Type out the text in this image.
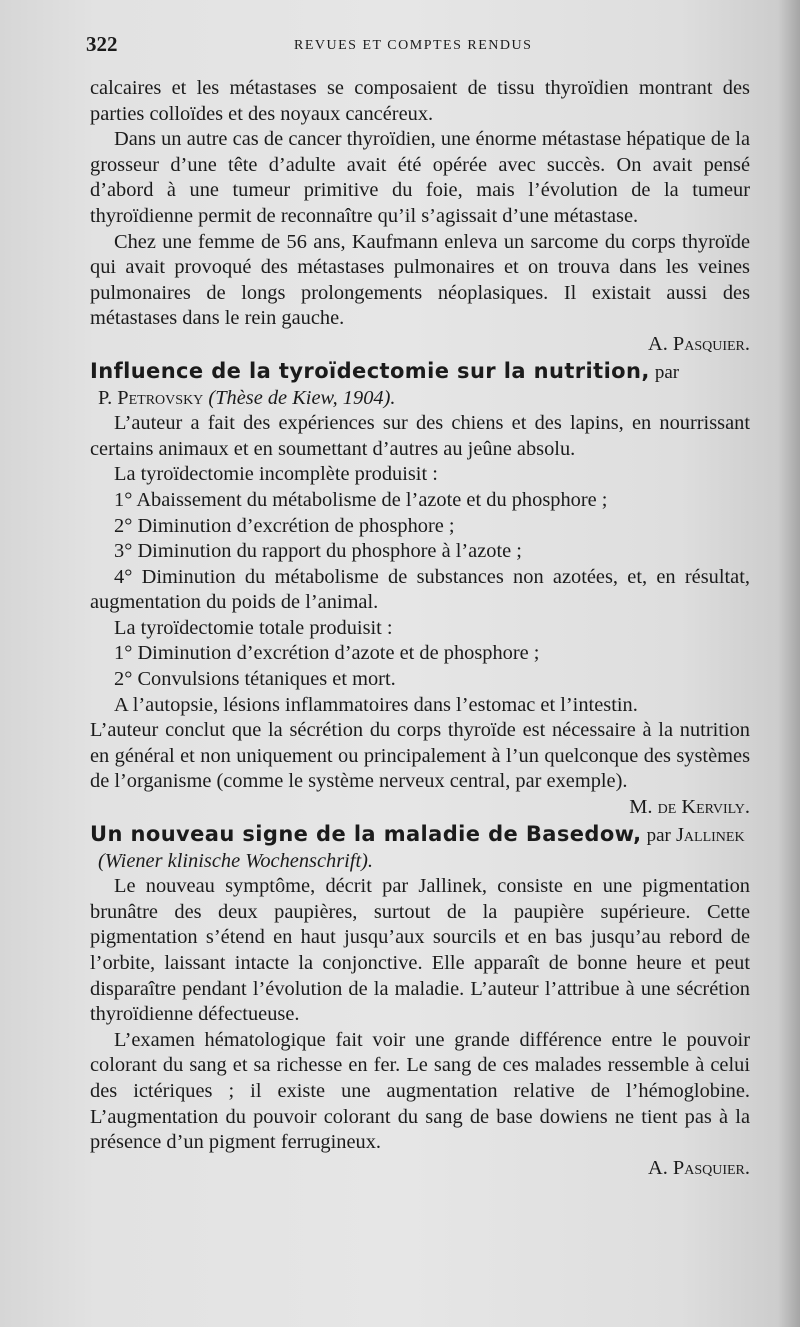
322	REVUES ET COMPTES RENDUS

calcaires et les métastases se composaient de tissu thyroïdien montrant des parties colloïdes et des noyaux cancéreux.

Dans un autre cas de cancer thyroïdien, une énorme métastase hépatique de la grosseur d’une tête d’adulte avait été opérée avec succès. On avait pensé d’abord à une tumeur primitive du foie, mais l’évolution de la tumeur thyroïdienne permit de reconnaître qu’il s’agissait d’une métastase.

Chez une femme de 56 ans, Kaufmann enleva un sarcome du corps thyroïde qui avait provoqué des métastases pulmonaires et on trouva dans les veines pulmonaires de longs prolongements néoplasiques. Il existait aussi des métastases dans le rein gauche.

A. Pasquier.

Influence de la tyroïdectomie sur la nutrition, par

P. Petrovsky (Thèse de Kiew, 1904).

L’auteur a fait des expériences sur des chiens et des lapins, en nourrissant certains animaux et en soumettant d’autres au jeûne absolu.

La tyroïdectomie incomplète produisit :

1° Abaissement du métabolisme de l’azote et du phosphore ;

2° Diminution d’excrétion de phosphore ;

3° Diminution du rapport du phosphore à l’azote ;

4° Diminution du métabolisme de substances non azotées, et, en résultat, augmentation du poids de l’animal.

La tyroïdectomie totale produisit :

1° Diminution d’excrétion d’azote et de phosphore ;

2° Convulsions tétaniques et mort.

A l’autopsie, lésions inflammatoires dans l’estomac et l’intestin.

L’auteur conclut que la sécrétion du corps thyroïde est nécessaire à la nutrition en général et non uniquement ou principalement à l’un quelconque des systèmes de l’organisme (comme le système nerveux central, par exemple).

M. de Kervily.

Un nouveau signe de la maladie de Basedow, par Jallinek

(Wiener klinische Wochenschrift).

Le nouveau symptôme, décrit par Jallinek, consiste en une pigmentation brunâtre des deux paupières, surtout de la paupière supérieure. Cette pigmentation s’étend en haut jusqu’aux sourcils et en bas jusqu’au rebord de l’orbite, laissant intacte la conjonctive. Elle apparaît de bonne heure et peut disparaître pendant l’évolution de la maladie. L’auteur l’attribue à une sécrétion thyroïdienne défectueuse.

L’examen hématologique fait voir une grande différence entre le pouvoir colorant du sang et sa richesse en fer. Le sang de ces malades ressemble à celui des ictériques ; il existe une augmentation relative de l’hémoglobine. L’augmentation du pouvoir colorant du sang de base dowiens ne tient pas à la présence d’un pigment ferrugineux.

A. Pasquier.
